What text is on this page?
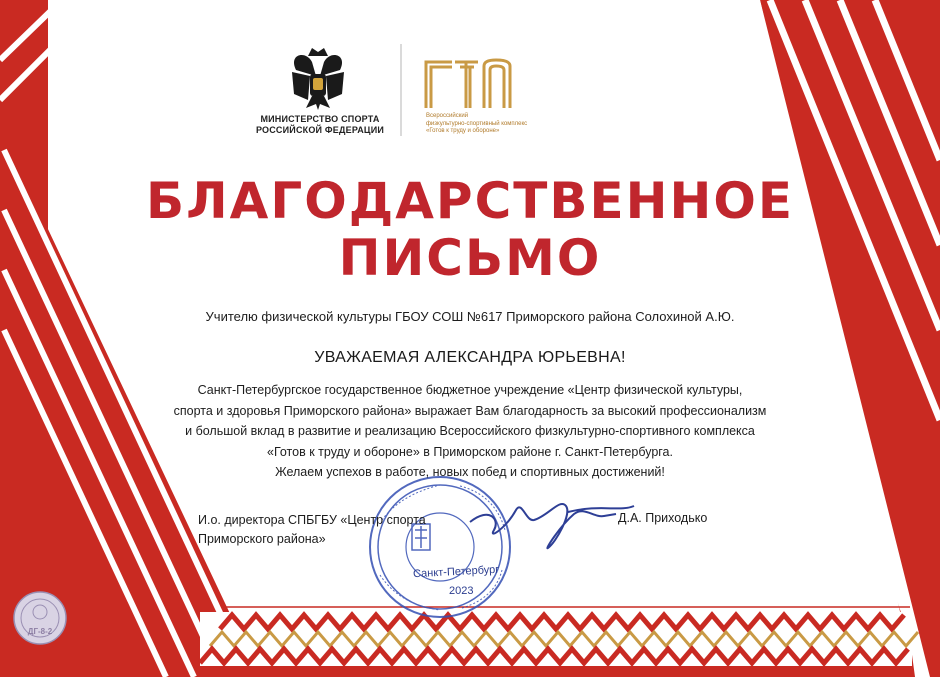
МИНИСТЕРСТВО СПОРТА
РОССИЙСКОЙ ФЕДЕРАЦИИ
Всероссийский
физкультурно-спортивный комплекс
«Готов к труду и обороне»
БЛАГОДАРСТВЕННОЕ
ПИСЬМО
Учителю физической культуры ГБОУ СОШ №617 Приморского района Солохиной А.Ю.
УВАЖАЕМАЯ АЛЕКСАНДРА ЮРЬЕВНА!
Санкт-Петербургское государственное бюджетное учреждение «Центр физической культуры,
спорта и здоровья Приморского района» выражает Вам благодарность за высокий профессионализм
и большой вклад в развитие и реализацию Всероссийского физкультурно-спортивного комплекса
«Готов к труду и обороне» в Приморском районе г. Санкт-Петербурга.
Желаем успехов в работе, новых побед и спортивных достижений!
И.о. директора СПБГБУ «Центр спорта
Приморского района»
Д.А. Приходько
Санкт-Петербург
2023
ДГ-8-2
